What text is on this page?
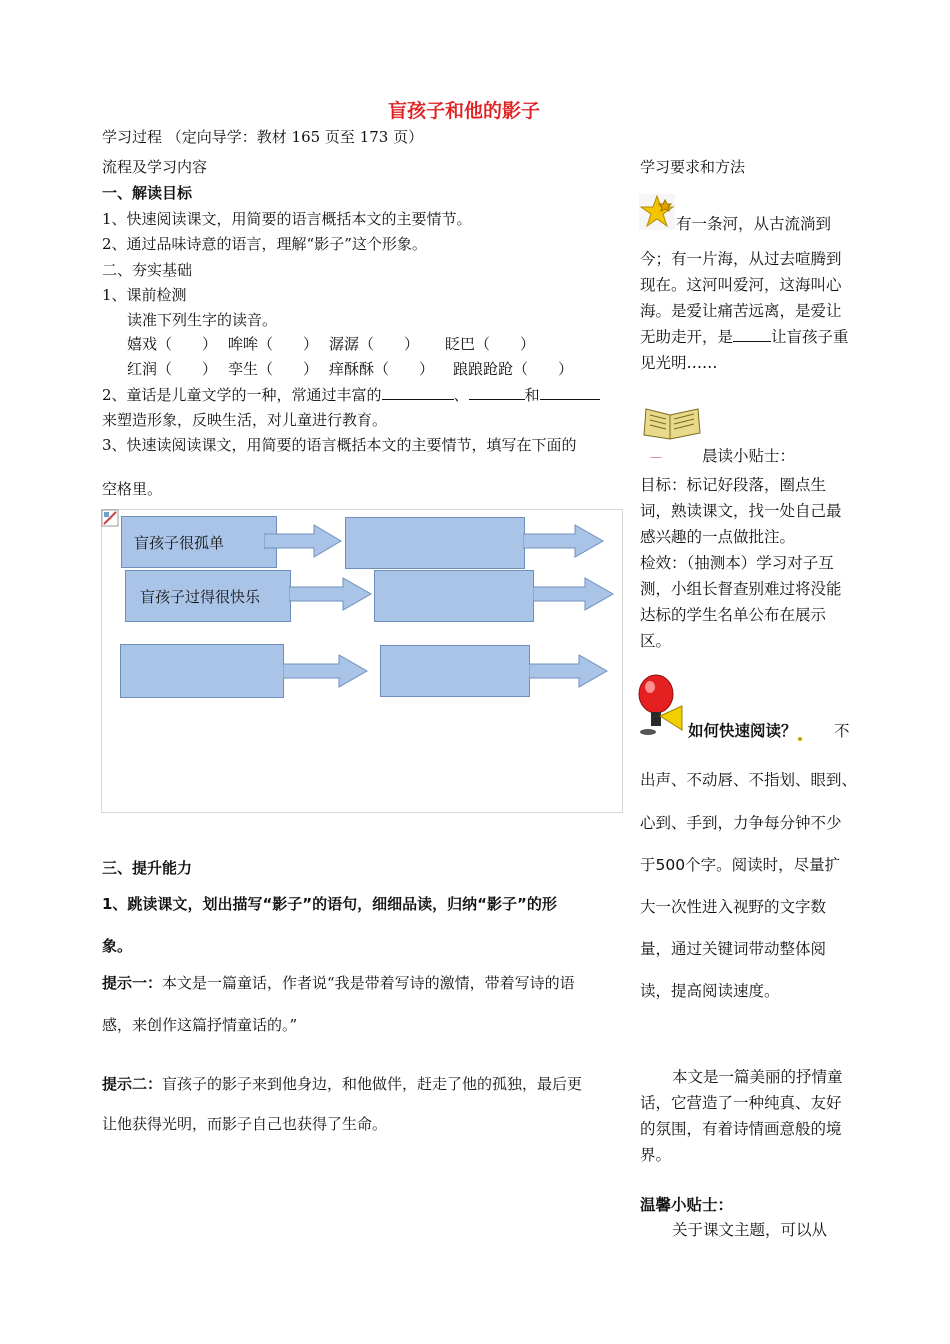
盲孩子和他的影子
学习过程 （定向导学：教材 165 页至 173 页）
流程及学习内容	学习要求和方法
一、解读目标
1、快速阅读课文，用简要的语言概括本文的主要情节。
2、通过品味诗意的语言，理解“影子”这个形象。
二、夯实基础
1、课前检测
读准下列生字的读音。
嬉戏（　　） 哞哞（　　） 潺潺（　　） 眨巴（　　）
红润（　　） 孪生（　　） 痒酥酥（　　） 踉踉跄跄（　　）
2、童话是儿童文学的一种，常通过丰富的	、	和
来塑造形象，反映生活，对儿童进行教育。
3、快速读阅读课文，用简要的语言概括本文的主要情节，填写在下面的
空格里。
盲孩子很孤单
盲孩子过得很快乐
三、提升能力
1、跳读课文，划出描写“影子”的语句，细细品读，归纳“影子”的形
象。
提示一：本文是一篇童话，作者说“我是带着写诗的激情，带着写诗的语
感，来创作这篇抒情童话的。”
提示二：盲孩子的影子来到他身边，和他做伴，赶走了他的孤独，最后更
让他获得光明，而影子自己也获得了生命。
有一条河，从古流淌到
今；有一片海，从过去喧腾到现在。这河叫爱河，这海叫心海。是爱让痛苦远离，是爱让无助走开，是 让盲孩子重见光明……
—	晨读小贴士：
目标：标记好段落，圈点生词，熟读课文，找一处自己最感兴趣的一点做批注。
检效：（抽测本）学习对子互测，小组长督查别难过将没能达标的学生名单公布在展示区。
如何快速阅读？	不
出声、不动唇、不指划、眼到、
心到、手到，力争每分钟不少
于500个字。阅读时，尽量扩
大一次性进入视野的文字数
量，通过关键词带动整体阅
读，提高阅读速度。
本文是一篇美丽的抒情童话，它营造了一种纯真、友好的氛围，有着诗情画意般的境界。
温馨小贴士：
关于课文主题，可以从
